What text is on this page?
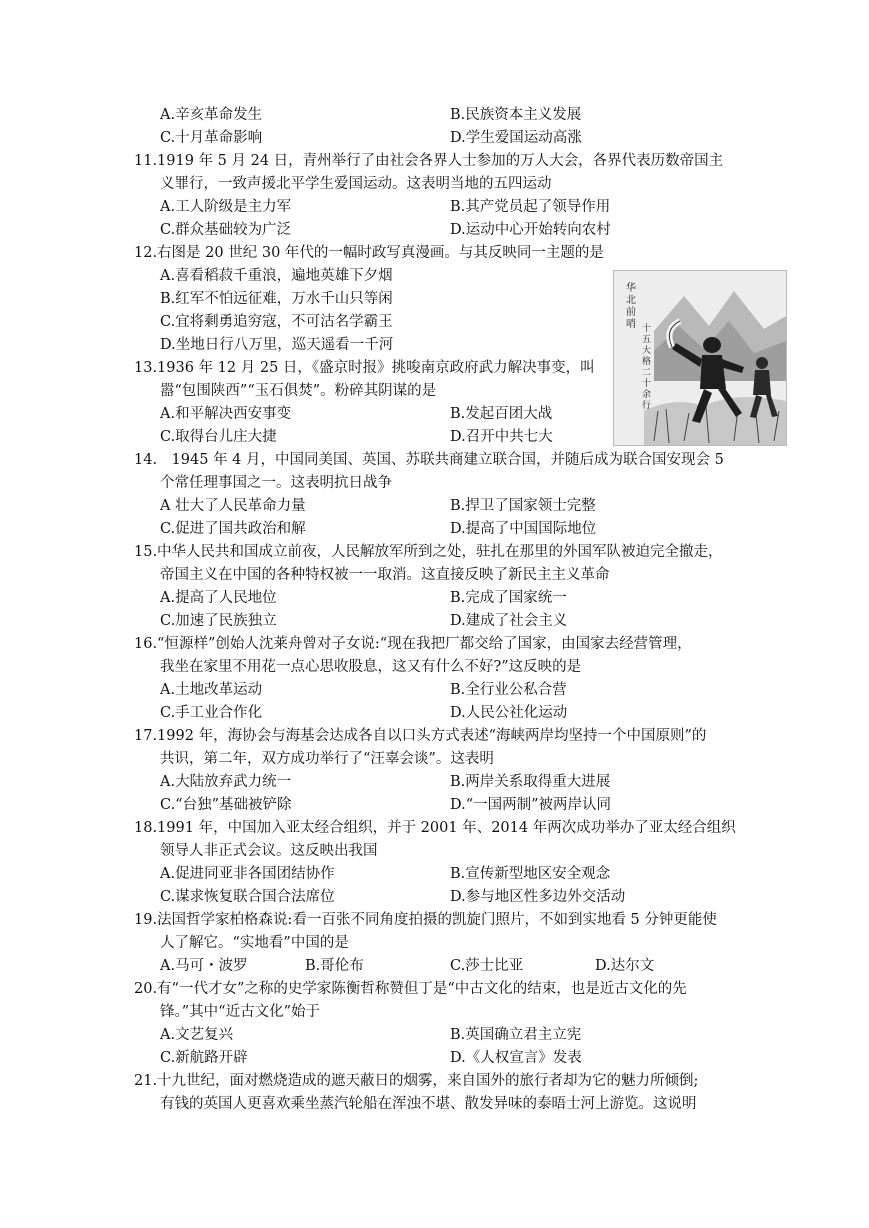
A.辛亥革命发生	B.民族资本主义发展
C.十月革命影响	D.学生爱国运动高涨
11.1919 年 5 月 24 日，青州举行了由社会各界人士参加的万人大会，各界代表历数帝国主
义罪行，一致声援北平学生爱国运动。这表明当地的五四运动
A.工人阶级是主力军	B.其产党员起了领导作用
C.群众基础较为广泛	D.运动中心开始转向农村
12.右图是 20 世纪 30 年代的一幅时政写真漫画。与其反映同一主题的是
A.喜看稻菽千重浪，遍地英雄下夕烟
B.红军不怕远征难，万水千山只等闲
C.宜将剩勇追穷寇，不可沽名学霸王
D.坐地日行八万里，巡天遥看一千河
华北前哨 十五大格二十余行
13.1936 年 12 月 25 日，《盛京时报》挑唆南京政府武力解决事变，叫
嚣“包围陕西”“玉石俱焚”。粉碎其阴谋的是
A.和平解决西安事变	B.发起百团大战
C.取得台儿庄大捷	D.召开中共七大
14.　1945 年 4 月，中国同美国、英国、苏联共商建立联合国，并随后成为联合国安现会 5
个常任理事国之一。这表明抗日战争
A 壮大了人民革命力量	B.捍卫了国家领士完整
C.促进了国共政治和解	D.提高了中国国际地位
15.中华人民共和国成立前夜，人民解放军所到之处，驻扎在那里的外国军队被迫完全撤走，
帝国主义在中国的各种特权被一一取消。这直接反映了新民主主义革命
A.提高了人民地位	B.完成了国家统一
C.加速了民族独立	D.建成了社会主义
16.“恒源样”创始人沈莱舟曾对子女说:“现在我把厂都交给了国家，由国家去经营管理，
我坐在家里不用花一点心思收股息，这又有什么不好?”这反映的是
A.土地改革运动	B.全行业公私合营
C.手工业合作化	D.人民公社化运动
17.1992 年，海协会与海基会达成各自以口头方式表述“海峡两岸均坚持一个中国原则”的
共识，第二年，双方成功举行了“汪辜会谈”。这表明
A.大陆放弃武力统一	B.两岸关系取得重大进展
C.“台独”基础被铲除	D.“一国两制”被两岸认同
18.1991 年，中国加入亚太经合组织，并于 2001 年、2014 年两次成功举办了亚太经合组织
领导人非正式会议。这反映出我国
A.促进同亚非各国团结协作	B.宣传新型地区安全观念
C.谋求恢复联合国合法席位	D.参与地区性多边外交活动
19.法国哲学家柏格森说:看一百张不同角度拍摄的凯旋门照片，不如到实地看 5 分钟更能使
人了解它。“实地看”中国的是
A.马可・波罗	B.哥伦布	C.莎士比亚	D.达尔文
20.有“一代才女”之称的史学家陈衡哲称赞但丁是“中古文化的结束，也是近古文化的先
锋。”其中“近古文化”始于
A.文艺复兴	B.英国确立君主立宪
C.新航路开辟	D.《人权宣言》发表
21.十九世纪，面对燃烧造成的遮天蔽日的烟雾，来自国外的旅行者却为它的魅力所倾倒;
有钱的英国人更喜欢乘坐蒸汽轮船在浑浊不堪、散发异味的泰晤士河上游览。这说明
